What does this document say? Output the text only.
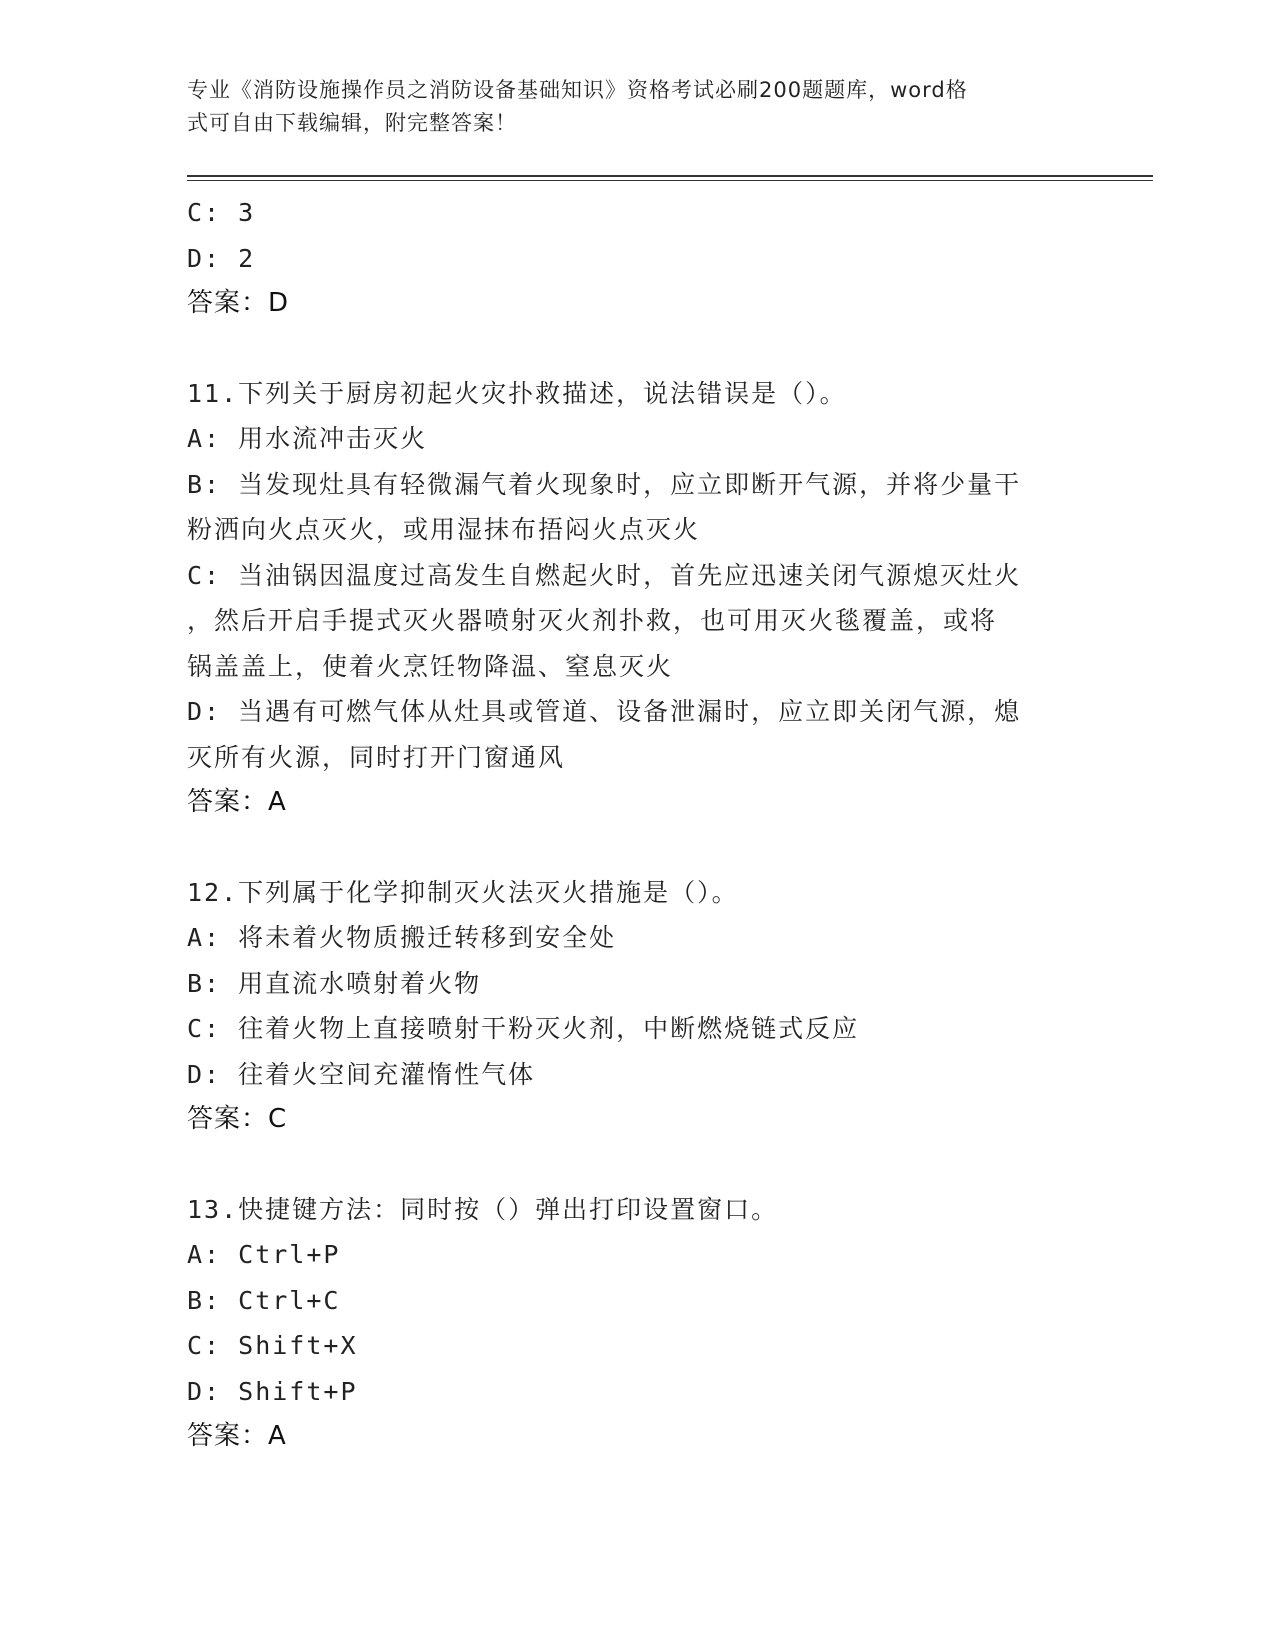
专业《消防设施操作员之消防设备基础知识》资格考试必刷200题题库，word格
式可自由下载编辑，附完整答案！
C: 3
D: 2
答案：D
11.下列关于厨房初起火灾扑救描述，说法错误是（）。
A: 用水流冲击灭火
B: 当发现灶具有轻微漏气着火现象时，应立即断开气源，并将少量干
粉洒向火点灭火，或用湿抹布捂闷火点灭火
C: 当油锅因温度过高发生自燃起火时，首先应迅速关闭气源熄灭灶火
，然后开启手提式灭火器喷射灭火剂扑救，也可用灭火毯覆盖，或将
锅盖盖上，使着火烹饪物降温、窒息灭火
D: 当遇有可燃气体从灶具或管道、设备泄漏时，应立即关闭气源，熄
灭所有火源，同时打开门窗通风
答案：A
12.下列属于化学抑制灭火法灭火措施是（）。
A: 将未着火物质搬迁转移到安全处
B: 用直流水喷射着火物
C: 往着火物上直接喷射干粉灭火剂，中断燃烧链式反应
D: 往着火空间充灌惰性气体
答案：C
13.快捷键方法：同时按（）弹出打印设置窗口。
A: Ctrl+P
B: Ctrl+C
C: Shift+X
D: Shift+P
答案：A
